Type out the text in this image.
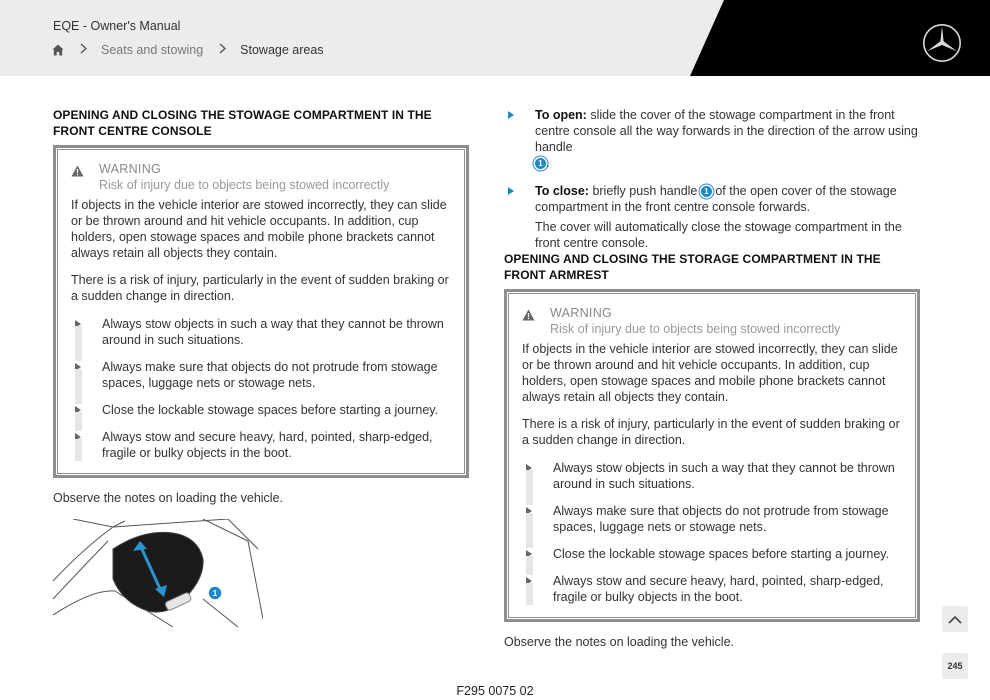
EQE - Owner's Manual
Seats and stowing	Stowage areas
OPENING AND CLOSING THE STOWAGE COMPARTMENT IN THE FRONT CENTRE CONSOLE
WARNING
Risk of injury due to objects being stowed incorrectly

If objects in the vehicle interior are stowed incorrectly, they can slide or be thrown around and hit vehicle occupants. In addition, cup holders, open stowage spaces and mobile phone brackets cannot always retain all objects they contain.

There is a risk of injury, particularly in the event of sudden braking or a sudden change in direction.

Always stow objects in such a way that they cannot be thrown around in such situations.
Always make sure that objects do not protrude from stowage spaces, luggage nets or stowage nets.
Close the lockable stowage spaces before starting a journey.
Always stow and secure heavy, hard, pointed, sharp-edged, fragile or bulky objects in the boot.

Observe the notes on loading the vehicle.

1
To open: slide the cover of the stowage compartment in the front centre console all the way forwards in the direction of the arrow using handle
1 .
To close: briefly push handle 1 of the open cover of the stowage compartment in the front centre console forwards.
The cover will automatically close the stowage compartment in the front centre console.
OPENING AND CLOSING THE STORAGE COMPARTMENT IN THE FRONT ARMREST
WARNING
Risk of injury due to objects being stowed incorrectly

If objects in the vehicle interior are stowed incorrectly, they can slide or be thrown around and hit vehicle occupants. In addition, cup holders, open stowage spaces and mobile phone brackets cannot always retain all objects they contain.

There is a risk of injury, particularly in the event of sudden braking or a sudden change in direction.

Always stow objects in such a way that they cannot be thrown around in such situations.
Always make sure that objects do not protrude from stowage spaces, luggage nets or stowage nets.
Close the lockable stowage spaces before starting a journey.
Always stow and secure heavy, hard, pointed, sharp-edged, fragile or bulky objects in the boot.

Observe the notes on loading the vehicle.

245
F295 0075 02
